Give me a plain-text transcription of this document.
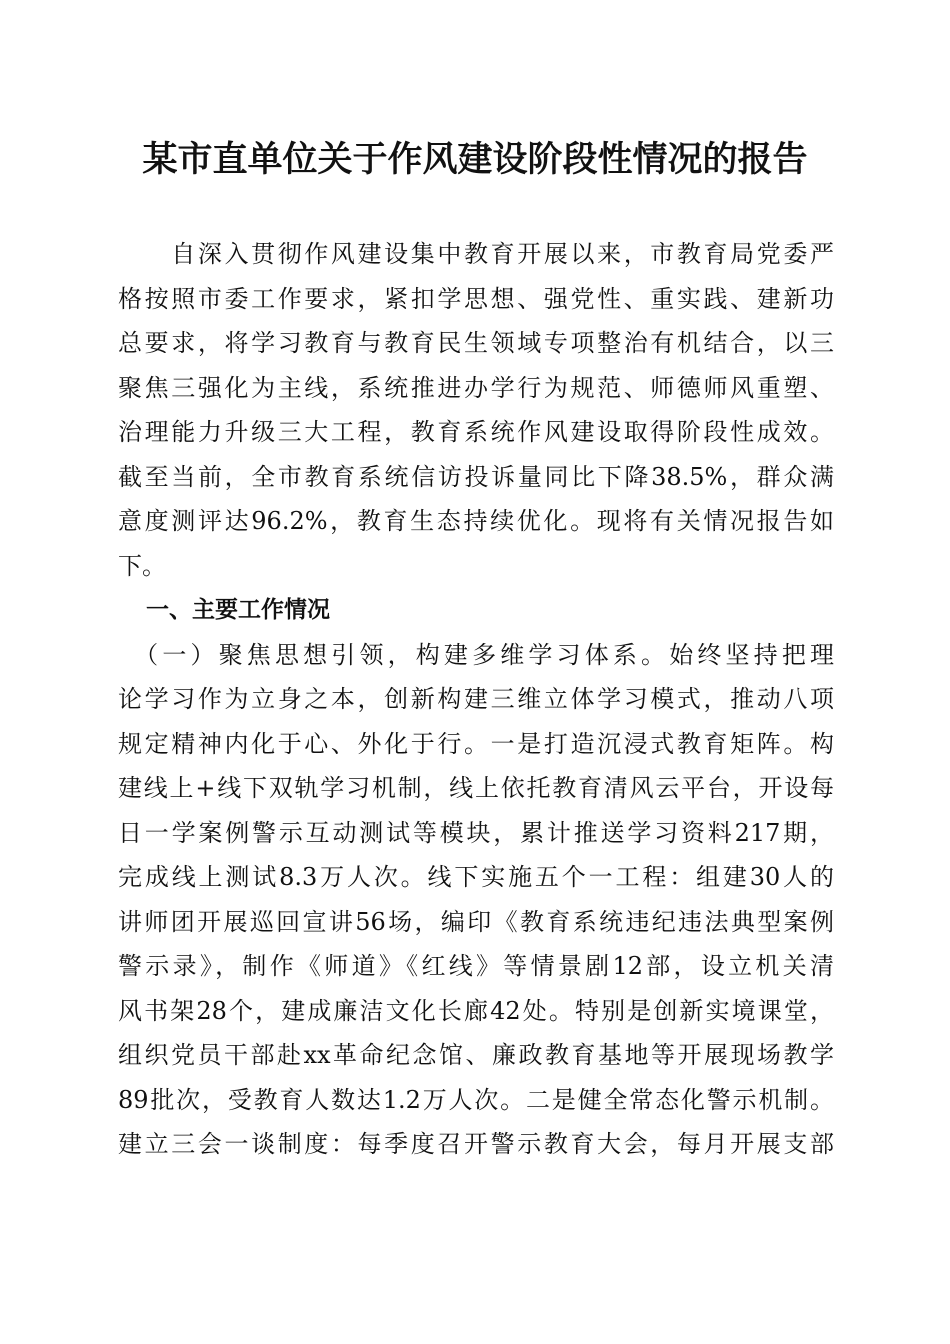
某市直单位关于作风建设阶段性情况的报告
　　自深入贯彻作风建设集中教育开展以来，市教育局党委严
格按照市委工作要求，紧扣学思想、强党性、重实践、建新功
总要求，将学习教育与教育民生领域专项整治有机结合，以三
聚焦三强化为主线，系统推进办学行为规范、师德师风重塑、
治理能力升级三大工程，教育系统作风建设取得阶段性成效。
截至当前，全市教育系统信访投诉量同比下降38.5%，群众满
意度测评达96.2%，教育生态持续优化。现将有关情况报告如
下。
一、主要工作情况
　（一）聚焦思想引领，构建多维学习体系。始终坚持把理
论学习作为立身之本，创新构建三维立体学习模式，推动八项
规定精神内化于心、外化于行。一是打造沉浸式教育矩阵。构
建线上+线下双轨学习机制，线上依托教育清风云平台，开设每
日一学案例警示互动测试等模块，累计推送学习资料217期，
完成线上测试8.3万人次。线下实施五个一工程：组建30人的
讲师团开展巡回宣讲56场，编印《教育系统违纪违法典型案例
警示录》，制作《师道》《红线》等情景剧12部，设立机关清
风书架28个，建成廉洁文化长廊42处。特别是创新实境课堂，
组织党员干部赴xx革命纪念馆、廉政教育基地等开展现场教学
89批次，受教育人数达1.2万人次。二是健全常态化警示机制。
建立三会一谈制度：每季度召开警示教育大会，每月开展支部
